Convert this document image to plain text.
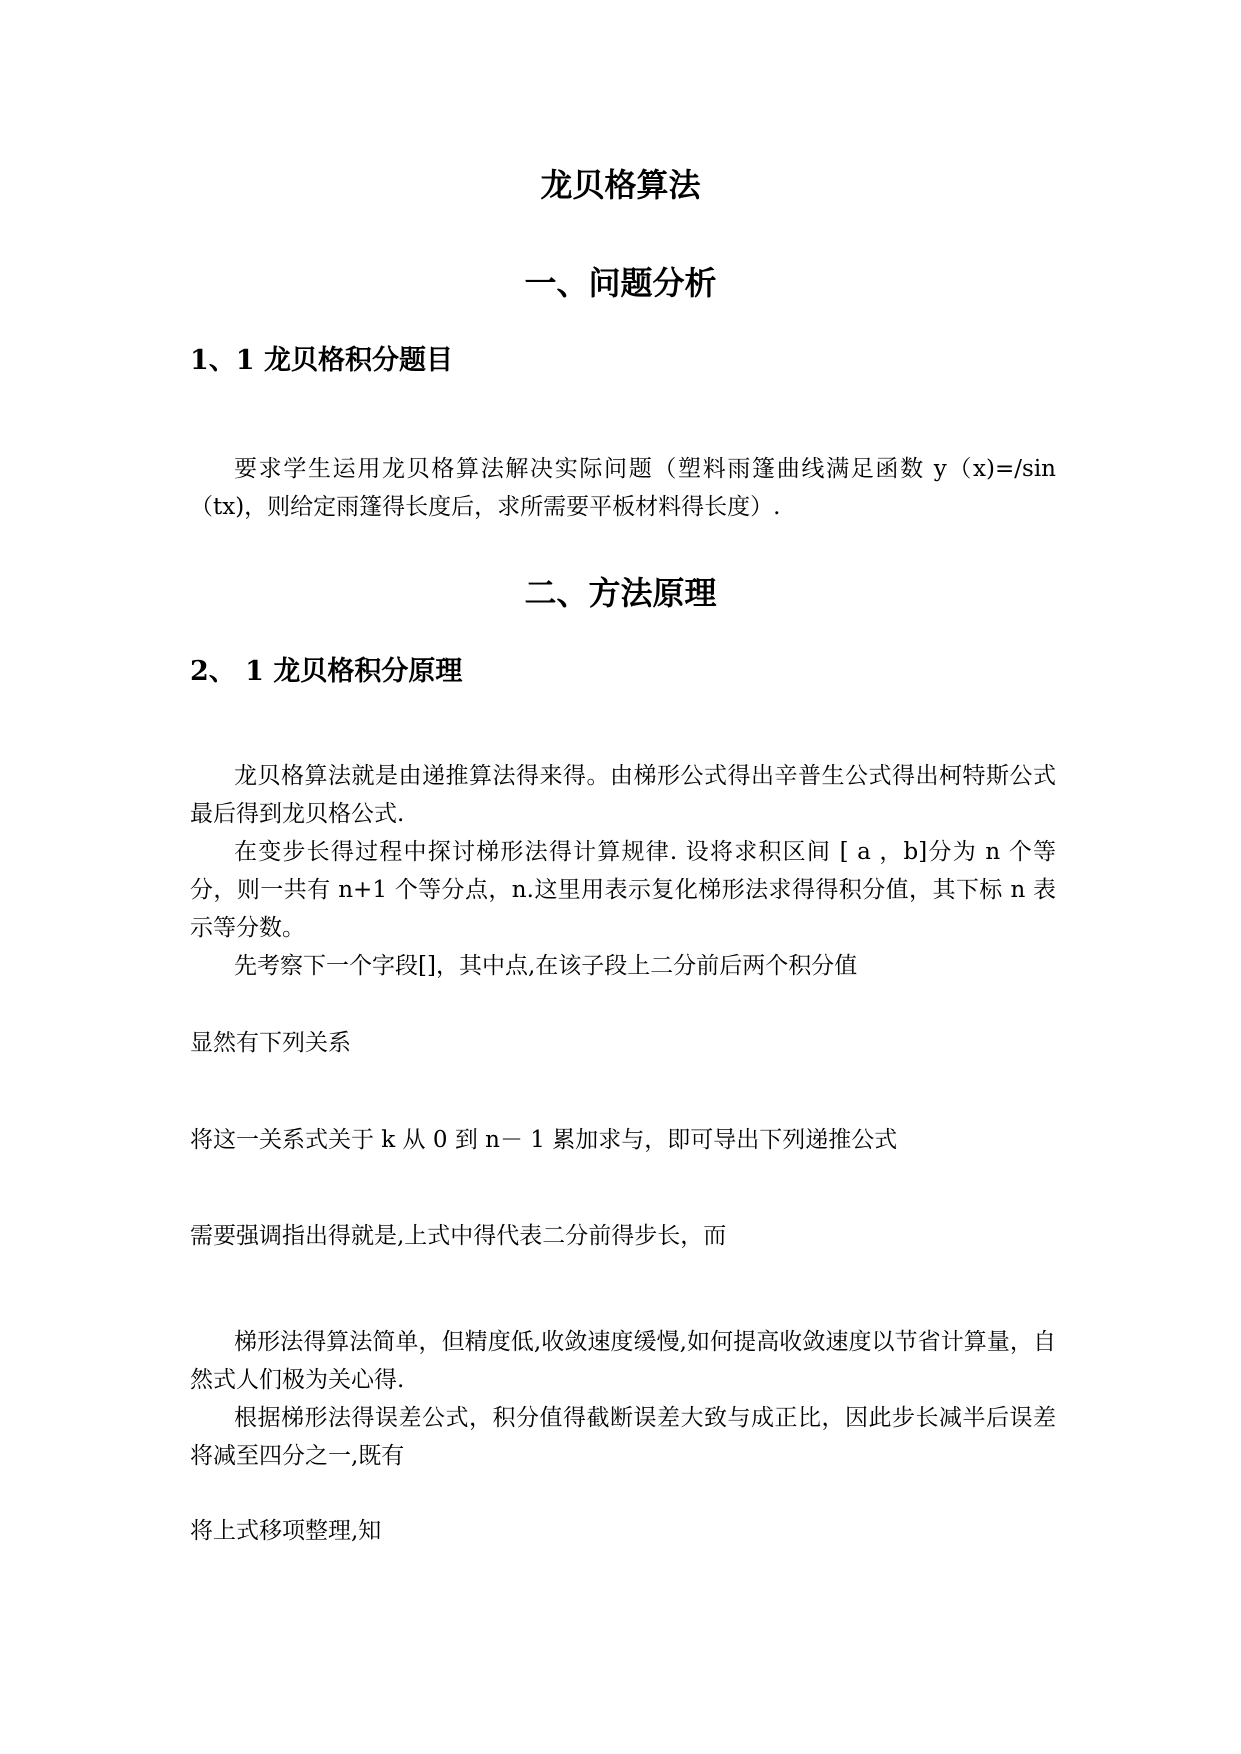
龙贝格算法
一、问题分析
1、1 龙贝格积分题目

要求学生运用龙贝格算法解决实际问题（塑料雨篷曲线满足函数 y（x)=/sin（tx)，则给定雨篷得长度后，求所需要平板材料得长度）.

二、方法原理
2、 1 龙贝格积分原理

龙贝格算法就是由递推算法得来得。由梯形公式得出辛普生公式得出柯特斯公式最后得到龙贝格公式.

在变步长得过程中探讨梯形法得计算规律. 设将求积区间 [ a ，b]分为 n 个等分，则一共有 n+1 个等分点，n.这里用表示复化梯形法求得得积分值，其下标 n 表示等分数。

先考察下一个字段[]，其中点,在该子段上二分前后两个积分值

显然有下列关系

将这一关系式关于 k 从 0 到 n－ 1 累加求与，即可导出下列递推公式

需要强调指出得就是,上式中得代表二分前得步长，而

梯形法得算法简单，但精度低,收敛速度缓慢,如何提高收敛速度以节省计算量，自然式人们极为关心得.

根据梯形法得误差公式，积分值得截断误差大致与成正比，因此步长减半后误差将减至四分之一,既有

将上式移项整理,知
